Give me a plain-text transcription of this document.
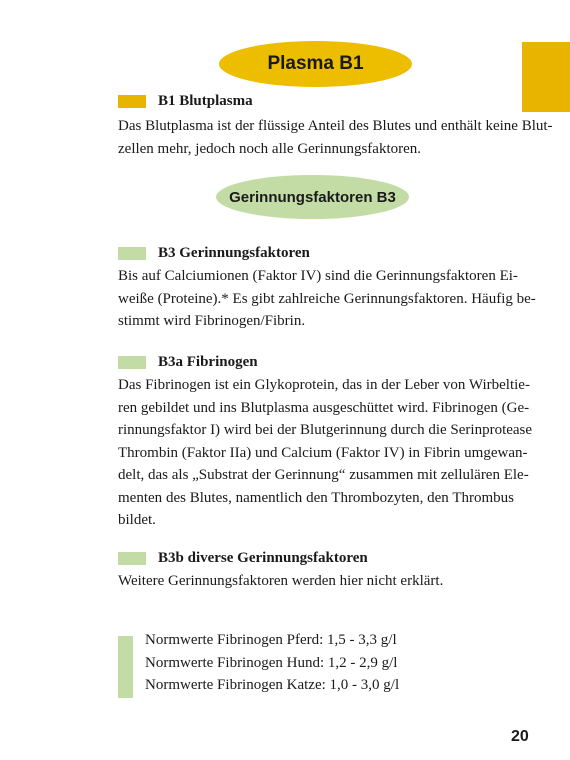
Plasma B1
B1 Blutplasma

Das Blutplasma ist der flüssige Anteil des Blutes und enthält keine Blut-
zellen mehr, jedoch noch alle Gerinnungsfaktoren.

Gerinnungsfaktoren B3
B3 Gerinnungsfaktoren

Bis auf Calciumionen (Faktor IV) sind die Gerinnungsfaktoren Ei-
weiße (Proteine).* Es gibt zahlreiche Gerinnungsfaktoren. Häufig be-
stimmt wird Fibrinogen/Fibrin.

B3a Fibrinogen

Das Fibrinogen ist ein Glykoprotein, das in der Leber von Wirbeltie-
ren gebildet und ins Blutplasma ausgeschüttet wird. Fibrinogen (Ge-
rinnungsfaktor I) wird bei der Blutgerinnung durch die Serinprotease
Thrombin (Faktor IIa) und Calcium (Faktor IV) in Fibrin umgewan-
delt, das als „Substrat der Gerinnung“ zusammen mit zellulären Ele-
menten des Blutes, namentlich den Thrombozyten, den Thrombus
bildet.

B3b diverse Gerinnungsfaktoren

Weitere Gerinnungsfaktoren werden hier nicht erklärt.

Normwerte Fibrinogen Pferd: 1,5 - 3,3 g/l
Normwerte Fibrinogen Hund: 1,2 - 2,9 g/l
Normwerte Fibrinogen Katze: 1,0 - 3,0 g/l
20
